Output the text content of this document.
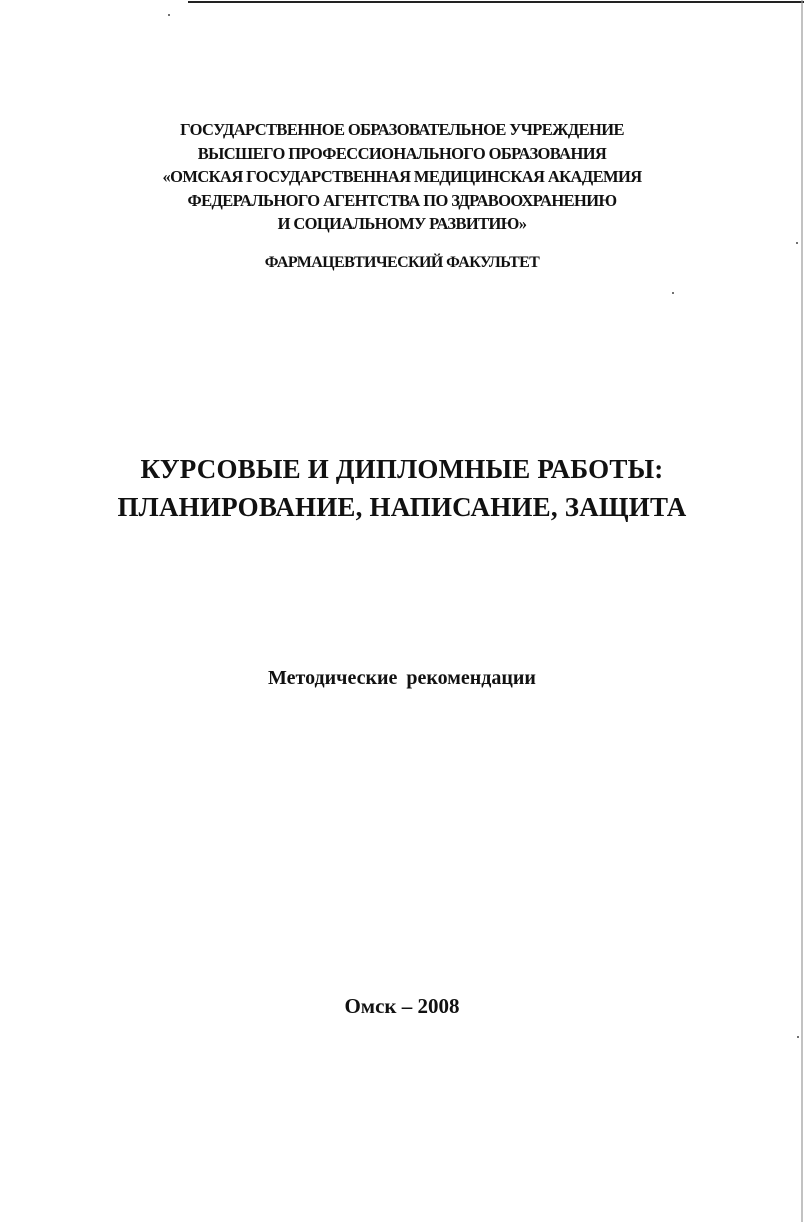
ГОСУДАРСТВЕННОЕ ОБРАЗОВАТЕЛЬНОЕ УЧРЕЖДЕНИЕ
ВЫСШЕГО ПРОФЕССИОНАЛЬНОГО ОБРАЗОВАНИЯ
«ОМСКАЯ ГОСУДАРСТВЕННАЯ МЕДИЦИНСКАЯ АКАДЕМИЯ
ФЕДЕРАЛЬНОГО АГЕНТСТВА ПО ЗДРАВООХРАНЕНИЮ
И СОЦИАЛЬНОМУ РАЗВИТИЮ»
ФАРМАЦЕВТИЧЕСКИЙ ФАКУЛЬТЕТ
КУРСОВЫЕ И ДИПЛОМНЫЕ РАБОТЫ:
ПЛАНИРОВАНИЕ, НАПИСАНИЕ, ЗАЩИТА
Методические рекомендации
Омск – 2008
